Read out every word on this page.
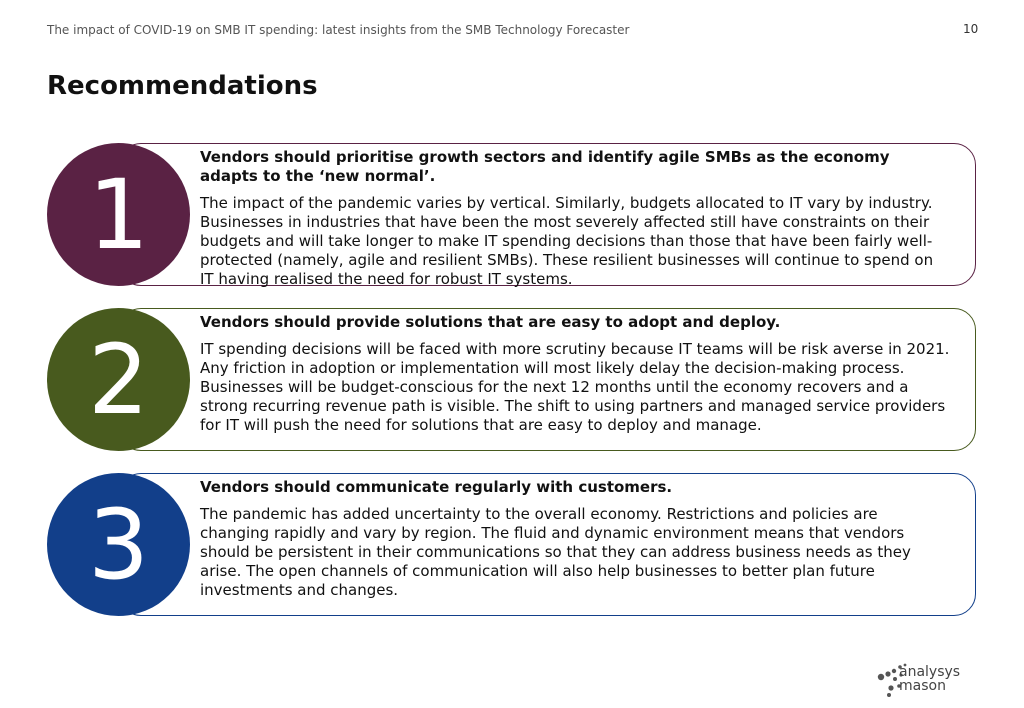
The impact of COVID-19 on SMB IT spending: latest insights from the SMB Technology Forecaster	10
Recommendations
1

Vendors should prioritise growth sectors and identify agile SMBs as the economy adapts to the ‘new normal’.

The impact of the pandemic varies by vertical. Similarly, budgets allocated to IT vary by industry. Businesses in industries that have been the most severely affected still have constraints on their budgets and will take longer to make IT spending decisions than those that have been fairly well-protected (namely, agile and resilient SMBs). These resilient businesses will continue to spend on IT having realised the need for robust IT systems.

2

Vendors should provide solutions that are easy to adopt and deploy.

IT spending decisions will be faced with more scrutiny because IT teams will be risk averse in 2021. Any friction in adoption or implementation will most likely delay the decision-making process. Businesses will be budget-conscious for the next 12 months until the economy recovers and a strong recurring revenue path is visible. The shift to using partners and managed service providers for IT will push the need for solutions that are easy to deploy and manage.

3

Vendors should communicate regularly with customers.

The pandemic has added uncertainty to the overall economy. Restrictions and policies are changing rapidly and vary by region. The fluid and dynamic environment means that vendors should be persistent in their communications so that they can address business needs as they arise. The open channels of communication will also help businesses to better plan future investments and changes.

analysys
mason
